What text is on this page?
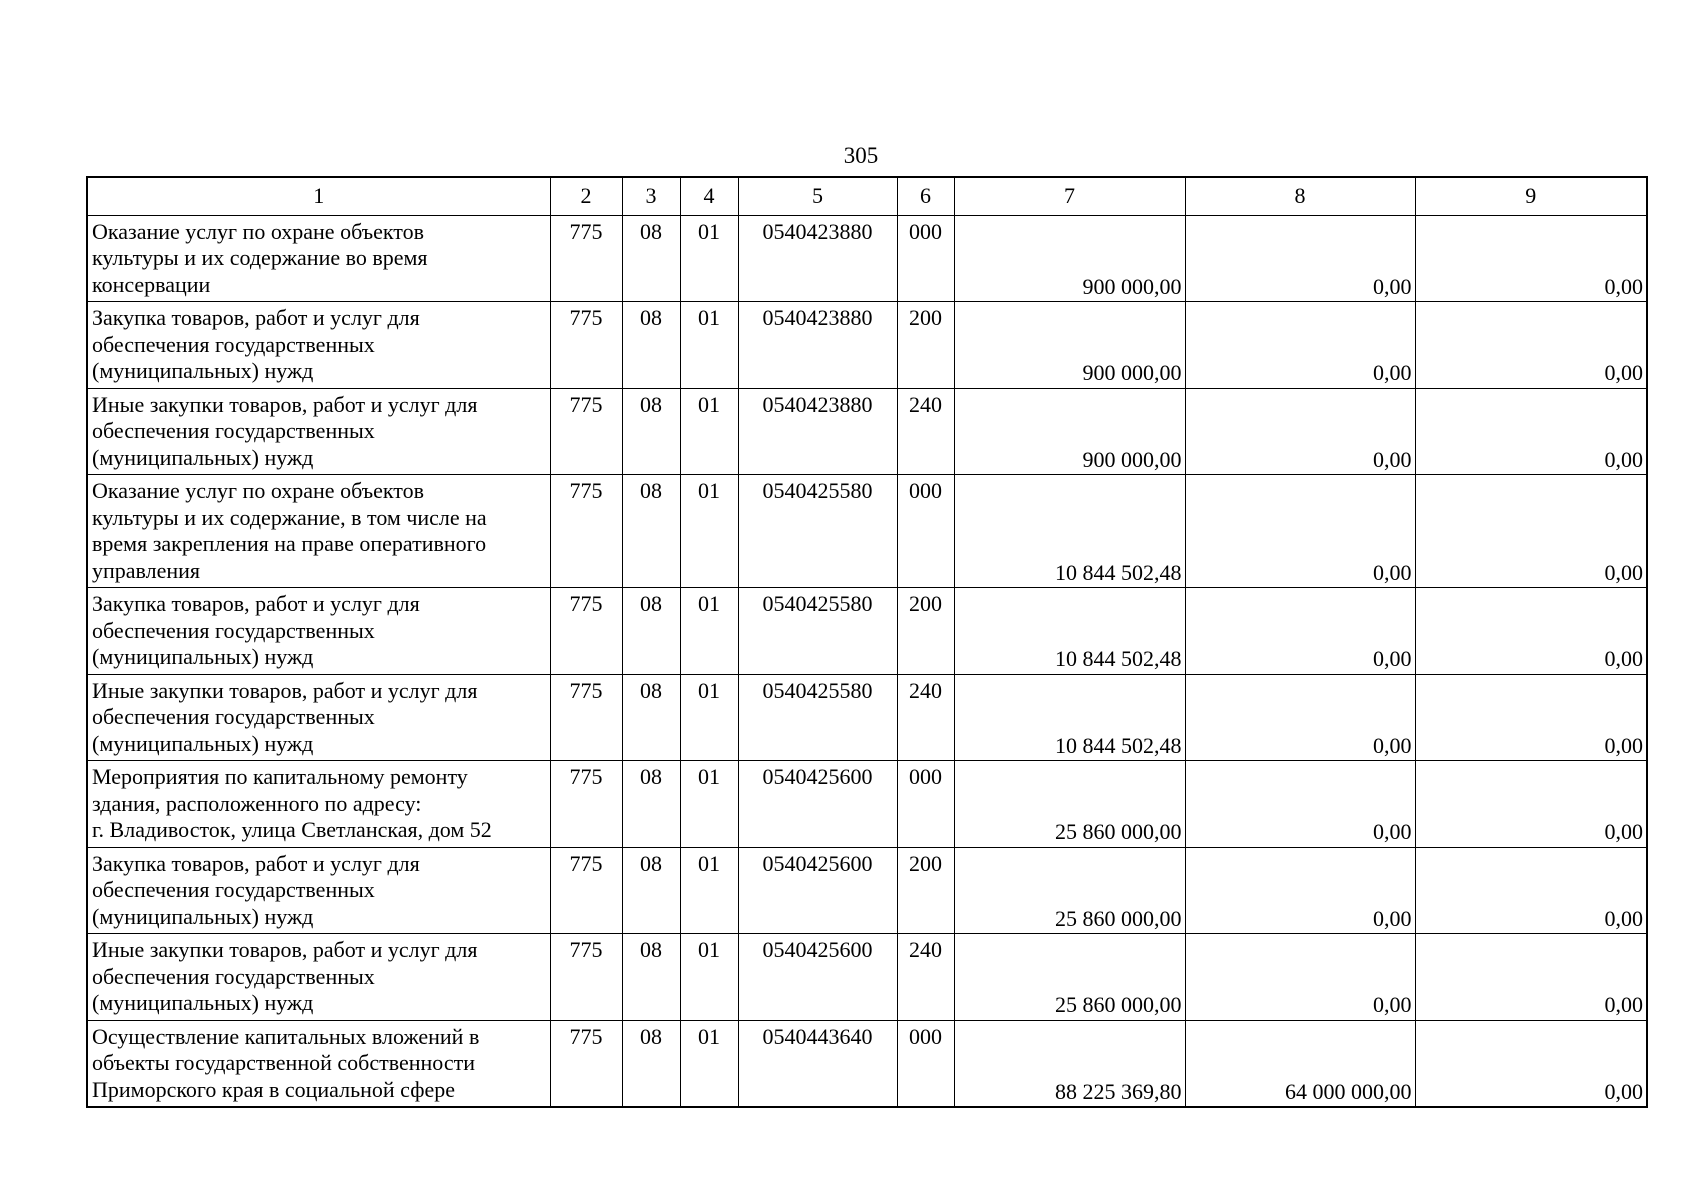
305
1	2	3	4	5	6	7	8	9
Оказание услуг по охране объектов
культуры и их содержание во время
консервации	775	08	01	0540423880	000	900 000,00	0,00	0,00
Закупка товаров, работ и услуг для
обеспечения государственных
(муниципальных) нужд	775	08	01	0540423880	200	900 000,00	0,00	0,00
Иные закупки товаров, работ и услуг для
обеспечения государственных
(муниципальных) нужд	775	08	01	0540423880	240	900 000,00	0,00	0,00
Оказание услуг по охране объектов
культуры и их содержание, в том числе на
время закрепления на праве оперативного
управления	775	08	01	0540425580	000	10 844 502,48	0,00	0,00
Закупка товаров, работ и услуг для
обеспечения государственных
(муниципальных) нужд	775	08	01	0540425580	200	10 844 502,48	0,00	0,00
Иные закупки товаров, работ и услуг для
обеспечения государственных
(муниципальных) нужд	775	08	01	0540425580	240	10 844 502,48	0,00	0,00
Мероприятия по капитальному ремонту
здания, расположенного по адресу:
г. Владивосток, улица Светланская, дом 52	775	08	01	0540425600	000	25 860 000,00	0,00	0,00
Закупка товаров, работ и услуг для
обеспечения государственных
(муниципальных) нужд	775	08	01	0540425600	200	25 860 000,00	0,00	0,00
Иные закупки товаров, работ и услуг для
обеспечения государственных
(муниципальных) нужд	775	08	01	0540425600	240	25 860 000,00	0,00	0,00
Осуществление капитальных вложений в
объекты государственной собственности
Приморского края в социальной сфере	775	08	01	0540443640	000	88 225 369,80	64 000 000,00	0,00
